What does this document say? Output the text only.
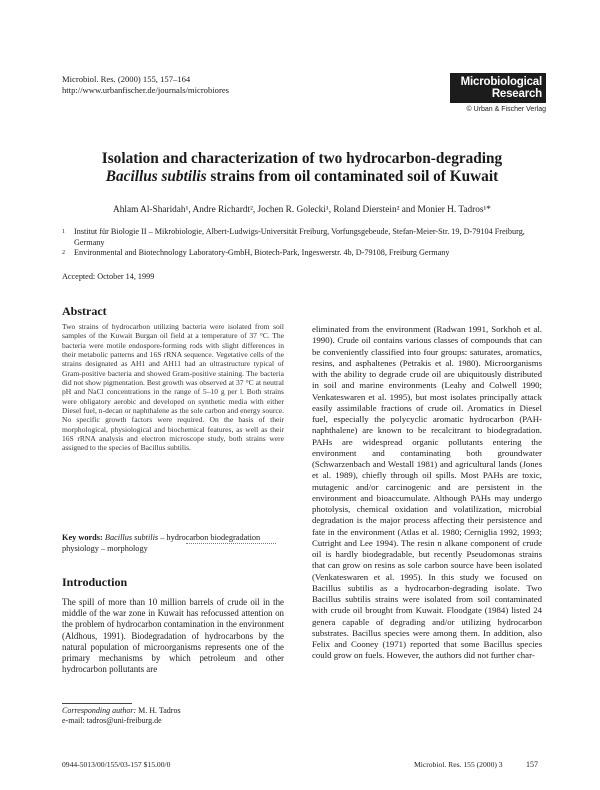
Microbiol. Res. (2000) 155, 157–164
http://www.urbanfischer.de/journals/microbiores
Microbiological
Research
© Urban & Fischer Verlag
Isolation and characterization of two hydrocarbon-degrading
Bacillus subtilis strains from oil contaminated soil of Kuwait
Ahlam Al-Sharidah¹, Andre Richardt², Jochen R. Golecki¹, Roland Dierstein² and Monier H. Tadros¹*
1	Institut für Biologie II – Mikrobiologie, Albert-Ludwigs-Universität Freiburg, Vorfungsgebeude, Stefan-Meier-Str. 19, D-79104 Freiburg, Germany
2	Environmental and Biotechnology Laboratory-GmbH, Biotech-Park, Ingeswerstr. 4b, D-79108, Freiburg Germany
Accepted: October 14, 1999
Abstract

Two strains of hydrocarbon utilizing bacteria were isolated from soil samples of the Kuwait Burgan oil field at a temperature of 37 °C. The bacteria were motile endospore-forming rods with slight differences in their metabolic patterns and 16S rRNA sequence. Vegetative cells of the strains designated as AH1 and AH11 had an ultrastructure typical of Gram-positive bacteria and showed Gram-positive staining. The bacteria did not show pigmentation. Best growth was observed at 37 °C at neutral pH and NaCl concentrations in the range of 5–10 g per l. Both strains were obligatory aerobic and developed on synthetic media with either Diesel fuel, n-decan or naphthalene as the sole carbon and energy source. No specific growth factors were required. On the basis of their morphological, physiological and biochemical features, as well as their 16S rRNA analysis and electron microscope study, both strains were assigned to the species of Bacillus subtilis.

Key words: Bacillus subtilis – hydrocarbon biodegradation physiology – morphology
Introduction

The spill of more than 10 million barrels of crude oil in the middle of the war zone in Kuwait has refocussed attention on the problem of hydrocarbon contamination in the environment (Aldhous, 1991). Biodegradation of hydrocarbons by the natural population of microorganisms represents one of the primary mechanisms by which petroleum and other hydrocarbon pollutants are

Corresponding author: M. H. Tadros
e-mail: tadros@uni-freiburg.de

eliminated from the environment (Radwan 1991, Sorkhoh et al. 1990). Crude oil contains various classes of compounds that can be conveniently classified into four groups: saturates, aromatics, resins, and asphaltenes (Petrakis et al. 1980). Microorganisms with the ability to degrade crude oil are ubiquitously distributed in soil and marine environments (Leahy and Colwell 1990; Venkateswaren et al. 1995), but most isolates principally attack easily assimilable fractions of crude oil. Aromatics in Diesel fuel, especially the polycyclic aromatic hydrocarbon (PAH-naphthalene) are known to be recalcitrant to biodegradation. PAHs are widespread organic pollutants entering the environment and contaminating both groundwater (Schwarzenbach and Westall 1981) and agricultural lands (Jones et al. 1989), chiefly through oil spills. Most PAHs are toxic, mutagenic and/or carcinogenic and are persistent in the environment and bioaccumulate. Although PAHs may undergo photolysis, chemical oxidation and volatilization, microbial degradation is the major process affecting their persistence and fate in the environment (Atlas et al. 1980; Cerniglia 1992, 1993; Cutright and Lee 1994). The resin n alkane component of crude oil is hardly biodegradable, but recently Pseudomonas strains that can grow on resins as sole carbon source have been isolated (Venkateswaren et al. 1995). In this study we focused on Bacillus subtilis as a hydrocarbon-degrading isolate. Two Bacillus subtilis strains were isolated from soil contaminated with crude oil brought from Kuwait. Floodgate (1984) listed 24 genera capable of degrading and/or utilizing hydrocarbon substrates. Bacillus species were among them. In addition, also Felix and Cooney (1971) reported that some Bacillus species could grow on fuels. However, the authors did not further char-

0944-5013/00/155/03-157 $15.00/0	Microbiol. Res. 155 (2000) 3	157
